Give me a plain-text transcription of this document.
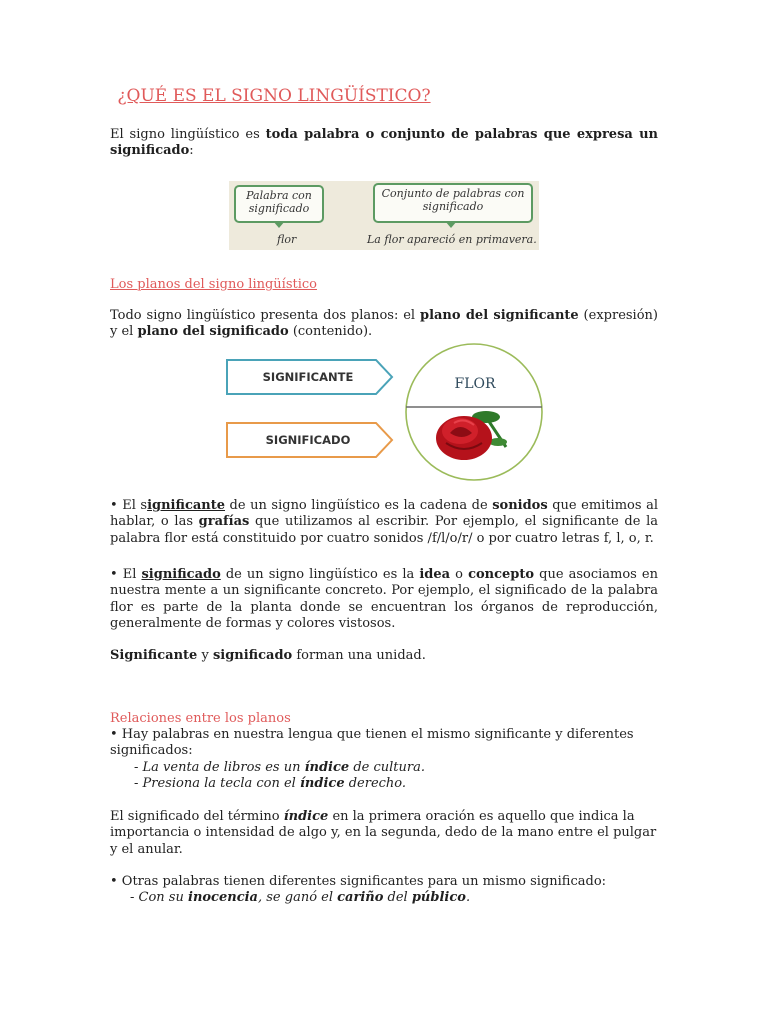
¿QUÉ ES EL SIGNO LINGÜÍSTICO?

El signo lingüístico es toda palabra o conjunto de palabras que expresa un significado:

Los planos del signo lingüístico

Todo signo lingüístico presenta dos planos: el plano del significante (expresión) y el plano del significado (contenido).

• El significante de un signo lingüístico es la cadena de sonidos que emitimos al hablar, o las grafías que utilizamos al escribir. Por ejemplo, el significante de la palabra flor está constituido por cuatro sonidos /f/l/o/r/ o por cuatro letras f, l, o, r.

• El significado de un signo lingüístico es la idea o concepto que asociamos en nuestra mente a un significante concreto. Por ejemplo, el significado de la palabra flor es parte de la planta donde se encuentran los órganos de reproducción, generalmente de formas y colores vistosos.

Significante y significado forman una unidad.

Relaciones entre los planos

• Hay palabras en nuestra lengua que tienen el mismo significante y diferentes significados:

- La venta de libros es un índice de cultura.

- Presiona la tecla con el índice derecho.

El significado del término índice en la primera oración es aquello que indica la importancia o intensidad de algo y, en la segunda, dedo de la mano entre el pulgar y el anular.

• Otras palabras tienen diferentes significantes para un mismo significado:

- Con su inocencia, se ganó el cariño del público.

Palabra con significado
flor
Conjunto de palabras con significado
La flor apareció en primavera.
SIGNIFICANTE
SIGNIFICADO
FLOR
